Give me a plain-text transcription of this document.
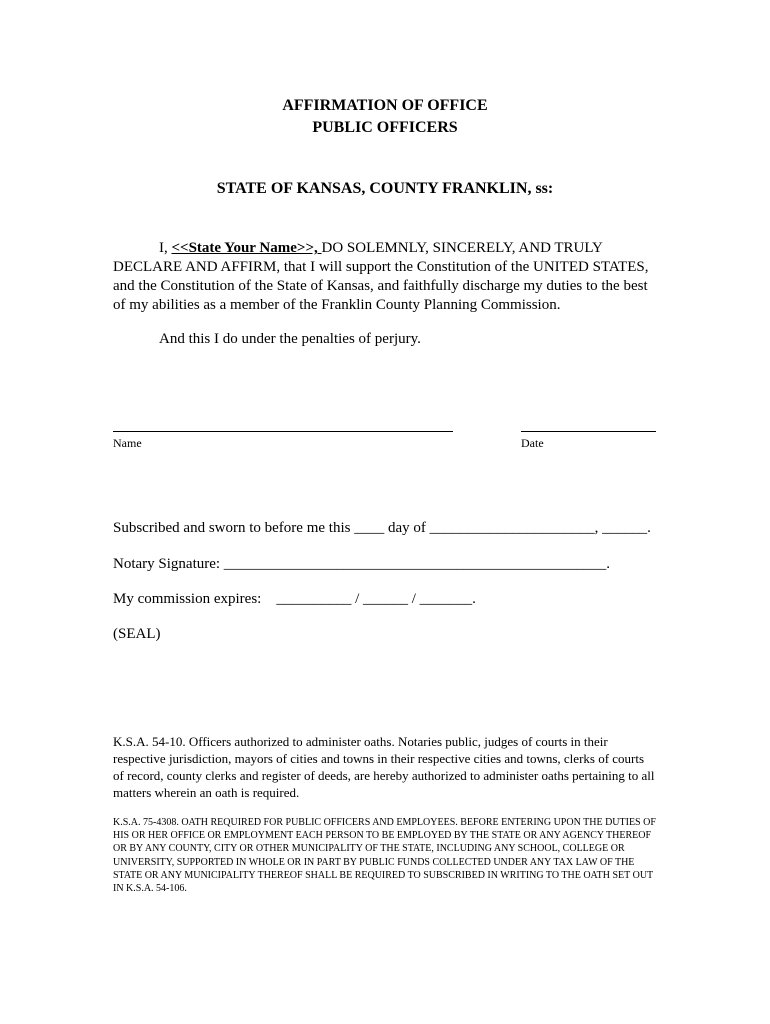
AFFIRMATION OF OFFICE
PUBLIC OFFICERS
STATE OF KANSAS, COUNTY FRANKLIN, ss:
I, <<State Your Name>>, DO SOLEMNLY, SINCERELY, AND TRULY DECLARE AND AFFIRM, that I will support the Constitution of the UNITED STATES, and the Constitution of the State of Kansas, and faithfully discharge my duties to the best of my abilities as a member of the Franklin County Planning Commission.
And this I do under the penalties of perjury.
Name	Date
Subscribed and sworn to before me this ____ day of ______________________, ______.
Notary Signature: ___________________________________________________.
My commission expires:    __________ / ______ / _______.
(SEAL)
K.S.A. 54-10. Officers authorized to administer oaths. Notaries public, judges of courts in their respective jurisdiction, mayors of cities and towns in their respective cities and towns, clerks of courts of record, county clerks and register of deeds, are hereby authorized to administer oaths pertaining to all matters wherein an oath is required.
K.S.A. 75-4308. OATH REQUIRED FOR PUBLIC OFFICERS AND EMPLOYEES. BEFORE ENTERING UPON THE DUTIES OF HIS OR HER OFFICE OR EMPLOYMENT EACH PERSON TO BE EMPLOYED BY THE STATE OR ANY AGENCY THEREOF OR BY ANY COUNTY, CITY OR OTHER MUNICIPALITY OF THE STATE, INCLUDING ANY SCHOOL, COLLEGE OR UNIVERSITY, SUPPORTED IN WHOLE OR IN PART BY PUBLIC FUNDS COLLECTED UNDER ANY TAX LAW OF THE STATE OR ANY MUNICIPALITY THEREOF SHALL BE REQUIRED TO SUBSCRIBED IN WRITING TO THE OATH SET OUT IN K.S.A. 54-106.
